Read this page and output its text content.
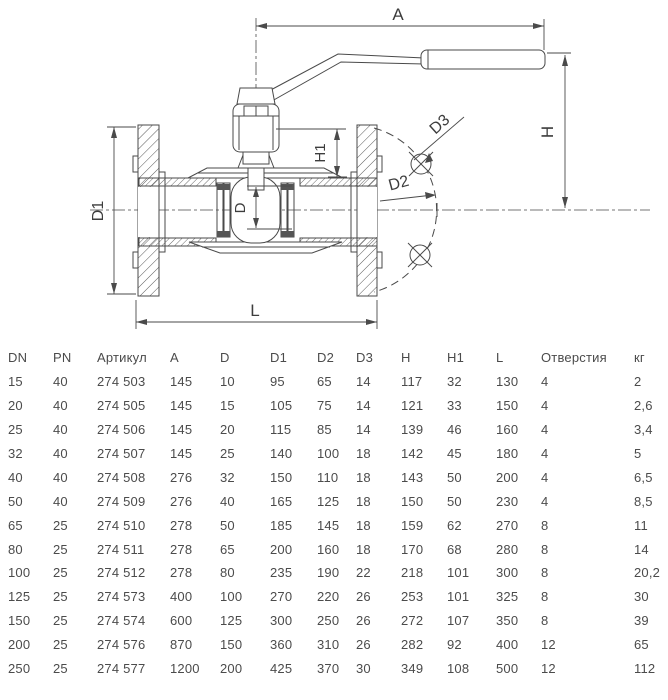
A
H
H1
D1	D
D2
D3
L
DN	PN	Артикул	A	D	D1	D2	D3	H	H1	L	Отверстия	кг
15	40	274 503	145	10	95	65	14	117	32	130	4	2
20	40	274 505	145	15	105	75	14	121	33	150	4	2,6
25	40	274 506	145	20	115	85	14	139	46	160	4	3,4
32	40	274 507	145	25	140	100	18	142	45	180	4	5
40	40	274 508	276	32	150	110	18	143	50	200	4	6,5
50	40	274 509	276	40	165	125	18	150	50	230	4	8,5
65	25	274 510	278	50	185	145	18	159	62	270	8	11
80	25	274 511	278	65	200	160	18	170	68	280	8	14
100	25	274 512	278	80	235	190	22	218	101	300	8	20,2
125	25	274 573	400	100	270	220	26	253	101	325	8	30
150	25	274 574	600	125	300	250	26	272	107	350	8	39
200	25	274 576	870	150	360	310	26	282	92	400	12	65
250	25	274 577	1200	200	425	370	30	349	108	500	12	112
